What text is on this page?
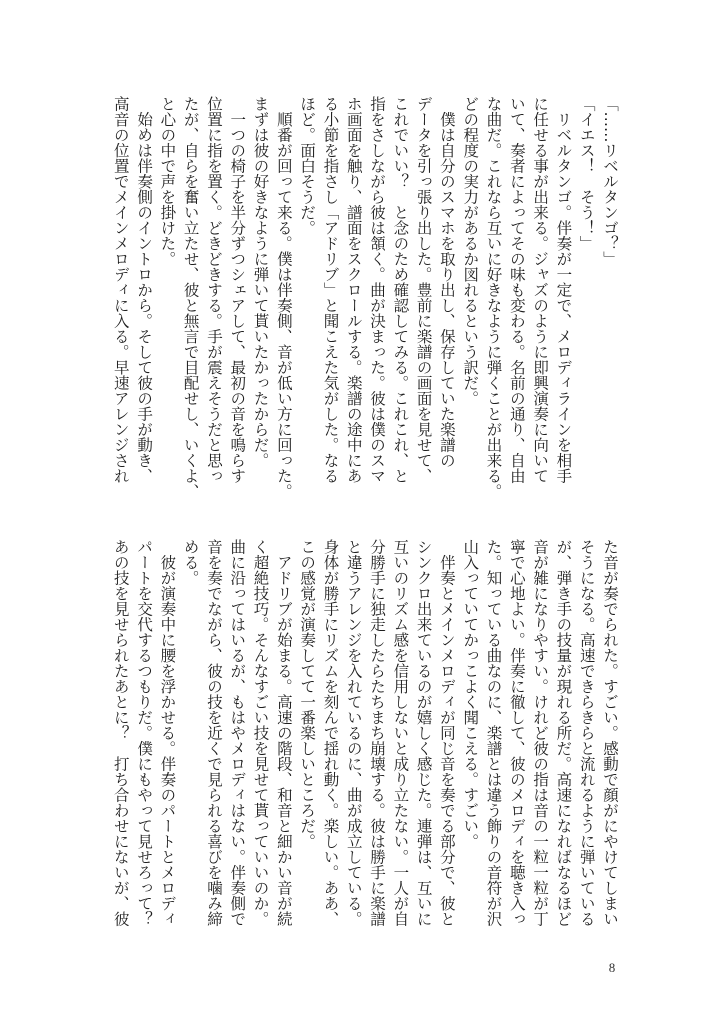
「……リベルタンゴ？」
「イエス！　そう！」
　リベルタンゴ。伴奏が一定で、メロディラインを相手
に任せる事が出来る。ジャズのように即興演奏に向いて
いて、奏者によってその味も変わる。名前の通り、自由
な曲だ。これなら互いに好きなように弾くことが出来る。
どの程度の実力があるか図れるという訳だ。
　僕は自分のスマホを取り出し、保存していた楽譜の
データを引っ張り出した。豊前に楽譜の画面を見せて、
これでいい？　と念のため確認してみる。これこれ、と
指をさしながら彼は頷く。曲が決まった。彼は僕のスマ
ホ画面を触り、譜面をスクロールする。楽譜の途中にあ
る小節を指さし「アドリブ」と聞こえた気がした。なる
ほど。面白そうだ。
　順番が回って来る。僕は伴奏側、音が低い方に回った。
まずは彼の好きなように弾いて貰いたかったからだ。
　一つの椅子を半分ずつシェアして、最初の音を鳴らす
位置に指を置く。どきどきする。手が震えそうだと思っ
たが、自らを奮い立たせ、彼と無言で目配せし、いくよ、
と心の中で声を掛けた。
　始めは伴奏側のイントロから。そして彼の手が動き、
高音の位置でメインメロディに入る。早速アレンジされ
た音が奏でられた。すごい。感動で顔がにやけてしまい
そうになる。高速できらきらと流れるように弾いている
が、弾き手の技量が現れる所だ。高速になればなるほど
音が雑になりやすい。けれど彼の指は音の一粒一粒が丁
寧で心地よい。伴奏に徹して、彼のメロディを聴き入っ
た。知っている曲なのに、楽譜とは違う飾りの音符が沢
山入っていてかっこよく聞こえる。すごい。
　伴奏とメインメロディが同じ音を奏でる部分で、彼と
シンクロ出来ているのが嬉しく感じた。連弾は、互いに
互いのリズム感を信用しないと成り立たない。一人が自
分勝手に独走したらたちまち崩壊する。彼は勝手に楽譜
と違うアレンジを入れているのに、曲が成立している。
身体が勝手にリズムを刻んで揺れ動く。楽しい。ああ、
この感覚が演奏してて一番楽しいところだ。
　アドリブが始まる。高速の階段、和音と細かい音が続
く超絶技巧。そんなすごい技を見せて貰っていいのか。
曲に沿ってはいるが、もはやメロディはない。伴奏側で
音を奏でながら、彼の技を近くで見られる喜びを噛み締
める。
　彼が演奏中に腰を浮かせる。伴奏のパートとメロディ
パートを交代するつもりだ。僕にもやって見せろって？
あの技を見せられたあとに？　打ち合わせにないが、彼
8
